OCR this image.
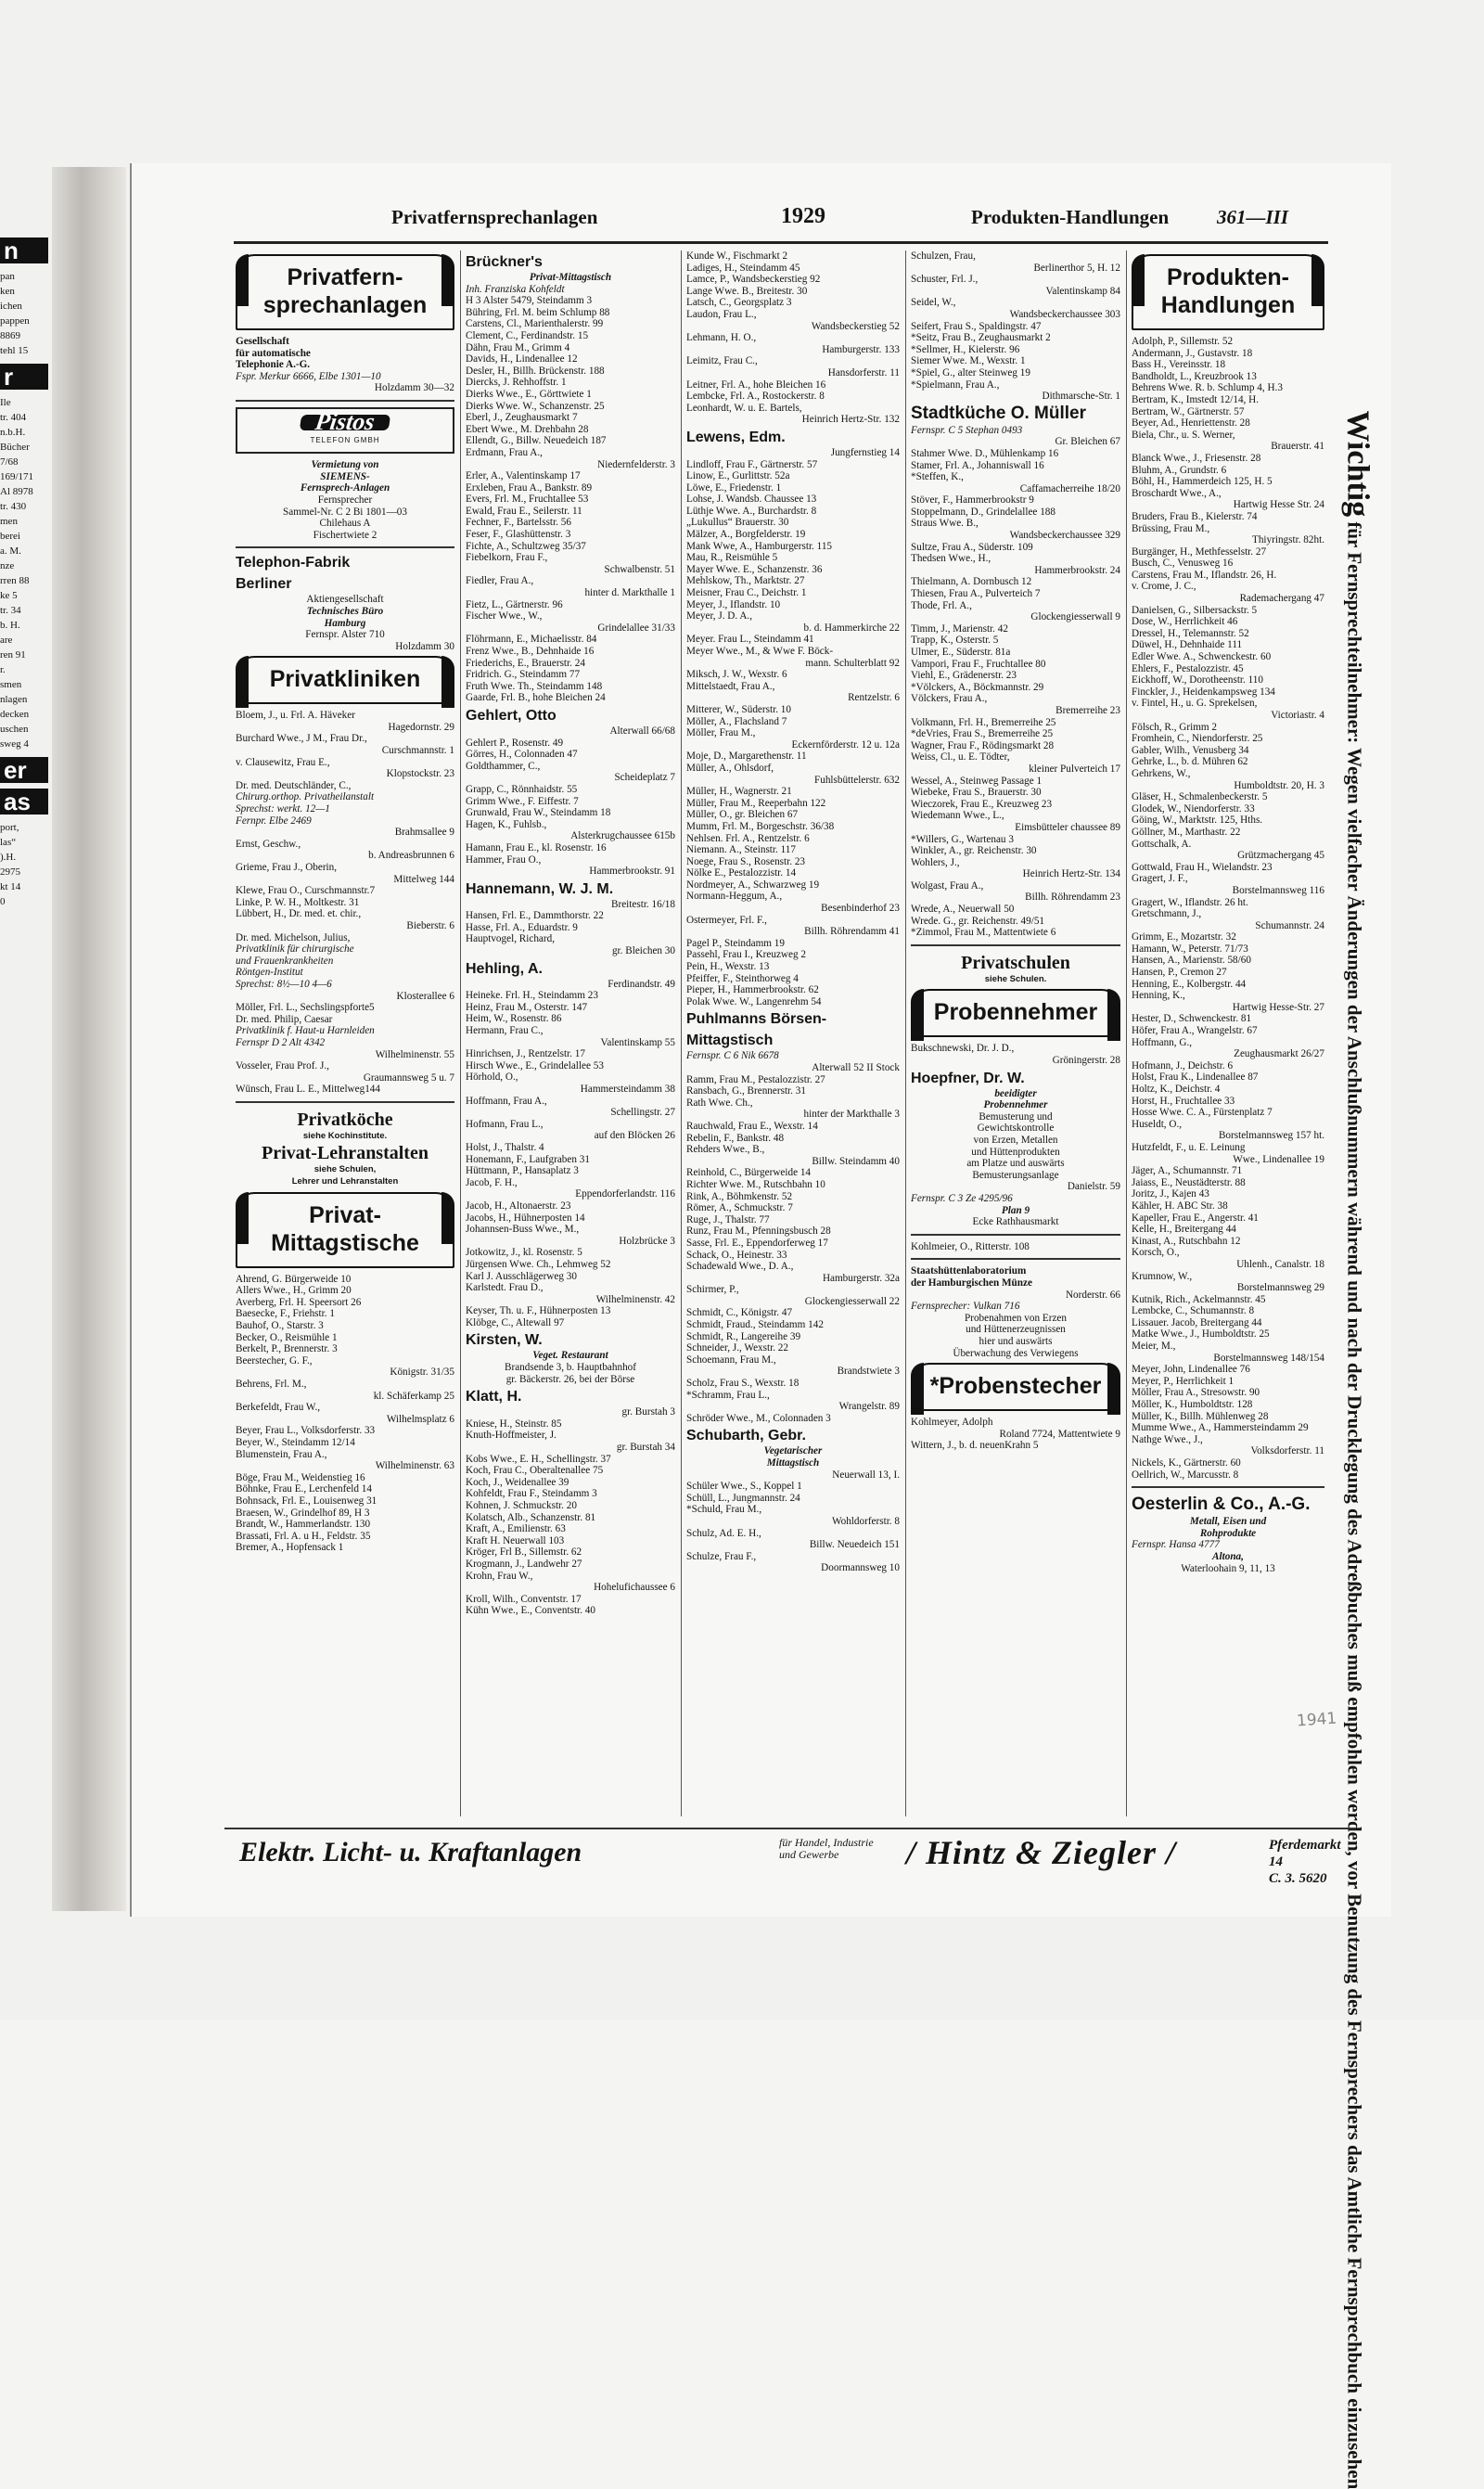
n
pan
ken
ichen
pappen
8869
tehl 15
r
Ile
tr. 404
n.b.H.
Bücher
7/68
169/171
Al 8978
tr. 430
men
berei
a. M.
nze
rren 88
ke 5
tr. 34
b. H.
are
ren 91
r.
smen
nlagen
decken
uschen
sweg 4
er
as
port,
las“
).H.
2975
kt 14
0
Privatfernsprechanlagen	1929	Produkten-Handlungen 361—III
Privatfern- sprechanlagen
Gesellschaft
für automatische
Telephonie A.-G.
Fspr. Merkur 6666, Elbe 1301—10
Holzdamm 30—32
Pistos
TELEFON GMBH
Vermietung von
SIEMENS-
Fernsprech-Anlagen
Fernsprecher
Sammel-Nr. C 2 Bi 1801—03
Chilehaus A
Fischertwiete 2
Telephon-Fabrik
Berliner
Aktiengesellschaft
Technisches Büro
Hamburg
Fernspr. Alster 710
Holzdamm 30
Privatkliniken
Bloem, J., u. Frl. A. Häveker
Hagedornstr. 29
Burchard Wwe., J M., Frau Dr.,
Curschmannstr. 1
v. Clausewitz, Frau E.,
Klopstockstr. 23
Dr. med. Deutschländer, C.,
Chirurg.orthop. Privatheilanstalt
Sprechst: werkt. 12—1
Fernpr. Elbe 2469
Brahmsallee 9
Ernst, Geschw.,
b. Andreasbrunnen 6
Grieme, Frau J., Oberin,
Mittelweg 144
Klewe, Frau O., Curschmannstr.7
Linke, P. W. H., Moltkestr. 31
Lübbert, H., Dr. med. et. chir.,
Bieberstr. 6
Dr. med. Michelson, Julius,
Privatklinik für chirurgische
und Frauenkrankheiten
Röntgen-Institut
Sprechst: 8½—10 4—6
Klosterallee 6
Möller, Frl. L., Sechslingspforte5
Dr. med. Philip, Caesar
Privatklinik f. Haut-u Harnleiden
Fernspr D 2 Alt 4342
Wilhelminenstr. 55
Vosseler, Frau Prof. J.,
Graumannsweg 5 u. 7
Wünsch, Frau L. E., Mittelweg144
Privatköche
siehe Kochinstitute.
Privat-Lehranstalten
siehe Schulen,
Lehrer und Lehranstalten
Privat- Mittagstische
Ahrend, G. Bürgerweide 10
Allers Wwe., H., Grimm 20
Averberg, Frl. H. Speersort 26
Baesecke, F., Friehstr. 1
Bauhof, O., Starstr. 3
Becker, O., Reismühle 1
Berkelt, P., Brennerstr. 3
Beerstecher, G. F.,
Königstr. 31/35
Behrens, Frl. M.,
kl. Schäferkamp 25
Berkefeldt, Frau W.,
Wilhelmsplatz 6
Beyer, Frau L., Volksdorferstr. 33
Beyer, W., Steindamm 12/14
Blumenstein, Frau A.,
Wilhelminenstr. 63
Böge, Frau M., Weidenstieg 16
Böhnke, Frau E., Lerchenfeld 14
Bohnsack, Frl. E., Louisenweg 31
Braesen, W., Grindelhof 89, H 3
Brandt, W., Hammerlandstr. 130
Brassati, Frl. A. u H., Feldstr. 35
Bremer, A., Hopfensack 1
Brückner's
Privat-Mittagstisch
Inh. Franziska Kohfeldt
H 3 Alster 5479, Steindamm 3
Bühring, Frl. M. beim Schlump 88
Carstens, Cl., Marienthalerstr. 99
Clement, C., Ferdinandstr. 15
Dähn, Frau M., Grimm 4
Davids, H., Lindenallee 12
Desler, H., Billh. Brückenstr. 188
Diercks, J. Rehhoffstr. 1
Dierks Wwe., E., Görttwiete 1
Dierks Wwe. W., Schanzenstr. 25
Eberl, J., Zeughausmarkt 7
Ebert Wwe., M. Drehbahn 28
Ellendt, G., Billw. Neuedeich 187
Erdmann, Frau A.,
Niedernfelderstr. 3
Erler, A., Valentinskamp 17
Erxleben, Frau A., Bankstr. 89
Evers, Frl. M., Fruchtallee 53
Ewald, Frau E., Seilerstr. 11
Fechner, F., Bartelsstr. 56
Feser, F., Glashüttenstr. 3
Fichte, A., Schultzweg 35/37
Fiebelkorn, Frau F.,
Schwalbenstr. 51
Fiedler, Frau A.,
hinter d. Markthalle 1
Fietz, L., Gärtnerstr. 96
Fischer Wwe., W.,
Grindelallee 31/33
Flöhrmann, E., Michaelisstr. 84
Frenz Wwe., B., Dehnhaide 16
Friederichs, E., Brauerstr. 24
Fridrich. G., Steindamm 77
Fruth Wwe. Th., Steindamm 148
Gaarde, Frl. B., hohe Bleichen 24
Gehlert, Otto
Alterwall 66/68
Gehlert P., Rosenstr. 49
Görres, H., Colonnaden 47
Goldthammer, C.,
Scheideplatz 7
Grapp, C., Rönnhaidstr. 55
Grimm Wwe., F. Eiffestr. 7
Grunwald, Frau W., Steindamm 18
Hagen, K., Fuhlsb.,
Alsterkrugchaussee 615b
Hamann, Frau E., kl. Rosenstr. 16
Hammer, Frau O.,
Hammerbrookstr. 91
Hannemann, W. J. M.
Breitestr. 16/18
Hansen, Frl. E., Dammthorstr. 22
Hasse, Frl. A., Eduardstr. 9
Hauptvogel, Richard,
gr. Bleichen 30
Hehling, A.
Ferdinandstr. 49
Heineke. Frl. H., Steindamm 23
Heinz, Frau M., Osterstr. 147
Heim, W., Rosenstr. 86
Hermann, Frau C.,
Valentinskamp 55
Hinrichsen, J., Rentzelstr. 17
Hirsch Wwe., E., Grindelallee 53
Hörhold, O.,
Hammersteindamm 38
Hoffmann, Frau A.,
Schellingstr. 27
Hofmann, Frau L.,
auf den Blöcken 26
Holst, J., Thalstr. 4
Honemann, F., Laufgraben 31
Hüttmann, P., Hansaplatz 3
Jacob, F. H.,
Eppendorferlandstr. 116
Jacob, H., Altonaerstr. 23
Jacobs, H., Hühnerposten 14
Johannsen-Buss Wwe., M.,
Holzbrücke 3
Jotkowitz, J., kl. Rosenstr. 5
Jürgensen Wwe. Ch., Lehmweg 52
Karl J. Ausschlägerweg 30
Karlstedt. Frau D.,
Wilhelminenstr. 42
Keyser, Th. u. F., Hühnerposten 13
Klöbge, C., Altewall 97
Kirsten, W.
Veget. Restaurant
Brandsende 3, b. Hauptbahnhof
gr. Bäckerstr. 26, bei der Börse
Klatt, H.
gr. Burstah 3
Kniese, H., Steinstr. 85
Knuth-Hoffmeister, J.
gr. Burstah 34
Kobs Wwe., E. H., Schellingstr. 37
Koch, Frau C., Oberaltenallee 75
Koch, J., Weidenallee 39
Kohfeldt, Frau F., Steindamm 3
Kohnen, J. Schmuckstr. 20
Kolatsch, Alb., Schanzenstr. 81
Kraft, A., Emilienstr. 63
Kraft H. Neuerwall 103
Kröger, Frl B., Sillemstr. 62
Krogmann, J., Landwehr 27
Krohn, Frau W.,
Hohelufichaussee 6
Kroll, Wilh., Conventstr. 17
Kühn Wwe., E., Conventstr. 40
Kunde W., Fischmarkt 2
Ladiges, H., Steindamm 45
Lamce, P., Wandsbeckerstieg 92
Lange Wwe. B., Breitestr. 30
Latsch, C., Georgsplatz 3
Laudon, Frau L.,
Wandsbeckerstieg 52
Lehmann, H. O.,
Hamburgerstr. 133
Leimitz, Frau C.,
Hansdorferstr. 11
Leitner, Frl. A., hohe Bleichen 16
Lembcke, Frl. A., Rostockerstr. 8
Leonhardt, W. u. E. Bartels,
Heinrich Hertz-Str. 132
Lewens, Edm.
Jungfernstieg 14
Lindloff, Frau F., Gärtnerstr. 57
Linow, E., Gurlittstr. 52a
Löwe, E., Friedenstr. 1
Lohse, J. Wandsb. Chaussee 13
Lüthje Wwe. A., Burchardstr. 8
„Lukullus“ Brauerstr. 30
Mälzer, A., Borgfelderstr. 19
Mank Wwe, A., Hamburgerstr. 115
Mau, R., Reismühle 5
Mayer Wwe. E., Schanzenstr. 36
Mehlskow, Th., Marktstr. 27
Meisner, Frau C., Deichstr. 1
Meyer, J., Iflandstr. 10
Meyer, J. D. A.,
b. d. Hammerkirche 22
Meyer. Frau L., Steindamm 41
Meyer Wwe., M., & Wwe F. Böck-
mann. Schulterblatt 92
Miksch, J. W., Wexstr. 6
Mittelstaedt, Frau A.,
Rentzelstr. 6
Mitterer, W., Süderstr. 10
Möller, A., Flachsland 7
Möller, Frau M.,
Eckernförderstr. 12 u. 12a
Moje, D., Margarethenstr. 11
Müller, A., Ohlsdorf,
Fuhlsbüttelerstr. 632
Müller, H., Wagnerstr. 21
Müller, Frau M., Reeperbahn 122
Müller, O., gr. Bleichen 67
Mumm, Frl. M., Borgeschstr. 36/38
Nehlsen. Frl. A., Rentzelstr. 6
Niemann. A., Steinstr. 117
Noege, Frau S., Rosenstr. 23
Nölke E., Pestalozzistr. 14
Nordmeyer, A., Schwarzweg 19
Normann-Heggum, A.,
Besenbinderhof 23
Ostermeyer, Frl. F.,
Billh. Röhrendamm 41
Pagel P., Steindamm 19
Passehl, Frau I., Kreuzweg 2
Pein, H., Wexstr. 13
Pfeiffer, F., Steinthorweg 4
Pieper, H., Hammerbrookstr. 62
Polak Wwe. W., Langenrehm 54
Puhlmanns Börsen-
Mittagstisch
Fernspr. C 6 Nik 6678
Alterwall 52 II Stock
Ramm, Frau M., Pestalozzistr. 27
Ransbach, G., Brennerstr. 31
Rath Wwe. Ch.,
hinter der Markthalle 3
Rauchwald, Frau E., Wexstr. 14
Rebelin, F., Bankstr. 48
Rehders Wwe., B.,
Billw. Steindamm 40
Reinhold, C., Bürgerweide 14
Richter Wwe. M., Rutschbahn 10
Rink, A., Böhmkenstr. 52
Römer, A., Schmuckstr. 7
Ruge, J., Thalstr. 77
Runz, Frau M., Pfenningsbusch 28
Sasse, Frl. E., Eppendorferweg 17
Schack, O., Heinestr. 33
Schadewald Wwe., D. A.,
Hamburgerstr. 32a
Schirmer, P.,
Glockengiesserwall 22
Schmidt, C., Königstr. 47
Schmidt, Fraud., Steindamm 142
Schmidt, R., Langereihe 39
Schneider, J., Wexstr. 22
Schoemann, Frau M.,
Brandstwiete 3
Scholz, Frau S., Wexstr. 18
*Schramm, Frau L.,
Wrangelstr. 89
Schröder Wwe., M., Colonnaden 3
Schubarth, Gebr.
Vegetarischer
Mittagstisch
Neuerwall 13, I.
Schüler Wwe., S., Koppel 1
Schüll, L., Jungmannstr. 24
*Schuld, Frau M.,
Wohldorferstr. 8
Schulz, Ad. E. H.,
Billw. Neuedeich 151
Schulze, Frau F.,
Doormannsweg 10
Schulzen, Frau,
Berlinerthor 5, H. 12
Schuster, Frl. J.,
Valentinskamp 84
Seidel, W.,
Wandsbeckerchaussee 303
Seifert, Frau S., Spaldingstr. 47
*Seitz, Frau B., Zeughausmarkt 2
*Sellmer, H., Kielerstr. 96
Siemer Wwe. M., Wexstr. 1
*Spiel, G., alter Steinweg 19
*Spielmann, Frau A.,
Dithmarsche-Str. 1
Stadtküche O. Müller
Fernspr. C 5 Stephan 0493
Gr. Bleichen 67
Stahmer Wwe. D., Mühlenkamp 16
Stamer, Frl. A., Johanniswall 16
*Steffen, K.,
Caffamacherreihe 18/20
Stöver, F., Hammerbrookstr 9
Stoppelmann, D., Grindelallee 188
Straus Wwe. B.,
Wandsbeckerchaussee 329
Sultze, Frau A., Süderstr. 109
Thedsen Wwe., H.,
Hammerbrookstr. 24
Thielmann, A. Dornbusch 12
Thiesen, Frau A., Pulverteich 7
Thode, Frl. A.,
Glockengiesserwall 9
Timm, J., Marienstr. 42
Trapp, K., Osterstr. 5
Ulmer, E., Süderstr. 81a
Vampori, Frau F., Fruchtallee 80
Viehl, E., Grädenerstr. 23
*Völckers, A., Böckmannstr. 29
Völckers, Frau A.,
Bremerreihe 23
Volkmann, Frl. H., Bremerreihe 25
*deVries, Frau S., Bremerreihe 25
Wagner, Frau F., Rödingsmarkt 28
Weiss, Cl., u. E. Tödter,
kleiner Pulverteich 17
Wessel, A., Steinweg Passage 1
Wiebeke, Frau S., Brauerstr. 30
Wieczorek, Frau E., Kreuzweg 23
Wiedemann Wwe., L.,
Eimsbütteler chaussee 89
*Willers, G., Wartenau 3
Winkler, A., gr. Reichenstr. 30
Wohlers, J.,
Heinrich Hertz-Str. 134
Wolgast, Frau A.,
Billh. Röhrendamm 23
Wrede, A., Neuerwall 50
Wrede. G., gr. Reichenstr. 49/51
*Zimmol, Frau M., Mattentwiete 6
Privatschulen
siehe Schulen.
Probennehmer
Bukschnewski, Dr. J. D.,
Gröningerstr. 28
Hoepfner, Dr. W.
beeidigter
Probennehmer
Bemusterung und
Gewichtskontrolle
von Erzen, Metallen
und Hüttenprodukten
am Platze und auswärts
Bemusterungsanlage
Danielstr. 59
Fernspr. C 3 Ze 4295/96
Plan 9
Ecke Rathhausmarkt
Kohlmeier, O., Ritterstr. 108
Staatshüttenlaboratorium
der Hamburgischen Münze
Norderstr. 66
Fernsprecher: Vulkan 716
Probenahmen von Erzen
und Hüttenerzeugnissen
hier und auswärts
Überwachung des Verwiegens
*Probenstecher
Kohlmeyer, Adolph
Roland 7724, Mattentwiete 9
Wittern, J., b. d. neuenKrahn 5
Produkten- Handlungen
Adolph, P., Sillemstr. 52
Andermann, J., Gustavstr. 18
Bass H., Vereinsstr. 18
Bandholdt, L., Kreuzbrook 13
Behrens Wwe. R. b. Schlump 4, H.3
Bertram, K., Imstedt 12/14, H.
Bertram, W., Gärtnerstr. 57
Beyer, Ad., Henriettenstr. 28
Biela, Chr., u. S. Werner,
Brauerstr. 41
Blanck Wwe., J., Friesenstr. 28
Bluhm, A., Grundstr. 6
Böhl, H., Hammerdeich 125, H. 5
Broschardt Wwe., A.,
Hartwig Hesse Str. 24
Bruders, Frau B., Kielerstr. 74
Brüssing, Frau M.,
Thiyringstr. 82ht.
Burgänger, H., Methfesselstr. 27
Busch, C., Venusweg 16
Carstens, Frau M., Iflandstr. 26, H.
v. Crome, J. C.,
Rademachergang 47
Danielsen, G., Silbersackstr. 5
Dose, W., Herrlichkeit 46
Dressel, H., Telemannstr. 52
Düwel, H., Dehnhaide 111
Edler Wwe. A., Schwenckestr. 60
Ehlers, F., Pestalozzistr. 45
Eickhoff, W., Dorotheenstr. 110
Finckler, J., Heidenkampsweg 134
v. Fintel, H., u. G. Sprekelsen,
Victoriastr. 4
Fölsch, R., Grimm 2
Fromhein, C., Niendorferstr. 25
Gabler, Wilh., Venusberg 34
Gehrke, L., b. d. Mühren 62
Gehrkens, W.,
Humboldtstr. 20, H. 3
Gläser, H., Schmalenbeckerstr. 5
Glodek, W., Niendorferstr. 33
Göing, W., Marktstr. 125, Hths.
Göllner, M., Marthastr. 22
Gottschalk, A.
Grützmachergang 45
Gottwald, Frau H., Wielandstr. 23
Gragert, J. F.,
Borstelmannsweg 116
Gragert, W., Iflandstr. 26 ht.
Gretschmann, J.,
Schumannstr. 24
Grimm, E., Mozartstr. 32
Hamann, W., Peterstr. 71/73
Hansen, A., Marienstr. 58/60
Hansen, P., Cremon 27
Henning, E., Kolbergstr. 44
Henning, K.,
Hartwig Hesse-Str. 27
Hester, D., Schwenckestr. 81
Höfer, Frau A., Wrangelstr. 67
Hoffmann, G.,
Zeughausmarkt 26/27
Hofmann, J., Deichstr. 6
Holst, Frau K., Lindenallee 87
Holtz, K., Deichstr. 4
Horst, H., Fruchtallee 33
Hosse Wwe. C. A., Fürstenplatz 7
Huseldt, O.,
Borstelmannsweg 157 ht.
Hutzfeldt, F., u. E. Leinung
Wwe., Lindenallee 19
Jäger, A., Schumannstr. 71
Jaiass, E., Neustädterstr. 88
Joritz, J., Kajen 43
Kähler, H. ABC Str. 38
Kapeller, Frau E., Angerstr. 41
Kelle, H., Breitergang 44
Kinast, A., Rutschbahn 12
Korsch, O.,
Uhlenh., Canalstr. 18
Krumnow, W.,
Borstelmannsweg 29
Kutnik, Rich., Ackelmannstr. 45
Lembcke, C., Schumannstr. 8
Lissauer. Jacob, Breitergang 44
Matke Wwe., J., Humboldtstr. 25
Meier, M.,
Borstelmannsweg 148/154
Meyer, John, Lindenallee 76
Meyer, P., Herrlichkeit 1
Möller, Frau A., Stresowstr. 90
Möller, K., Humboldtstr. 128
Müller, K., Billh. Mühlenweg 28
Mumme Wwe., A., Hammersteindamm 29
Nathge Wwe., J.,
Volksdorferstr. 11
Nickels, K., Gärtnerstr. 60
Oellrich, W., Marcusstr. 8
Oesterlin & Co., A.-G.
Metall, Eisen und
Rohprodukte
Fernspr. Hansa 4777
Altona,
Waterloohain 9, 11, 13
Wichtig für Fernsprechteilnehmer: Wegen vielfacher Änderungen der Anschlußnummern während und nach der Drucklegung des Adreßbuches muß empfohlen werden, vor Benutzung des Fernsprechers das Amtliche Fernsprechbuch einzusehen
Elektr. Licht- u. Kraftanlagen	für Handel, Industrie
und Gewerbe	/ Hintz & Ziegler /	Pferdemarkt 14
C. 3. 5620
1941
